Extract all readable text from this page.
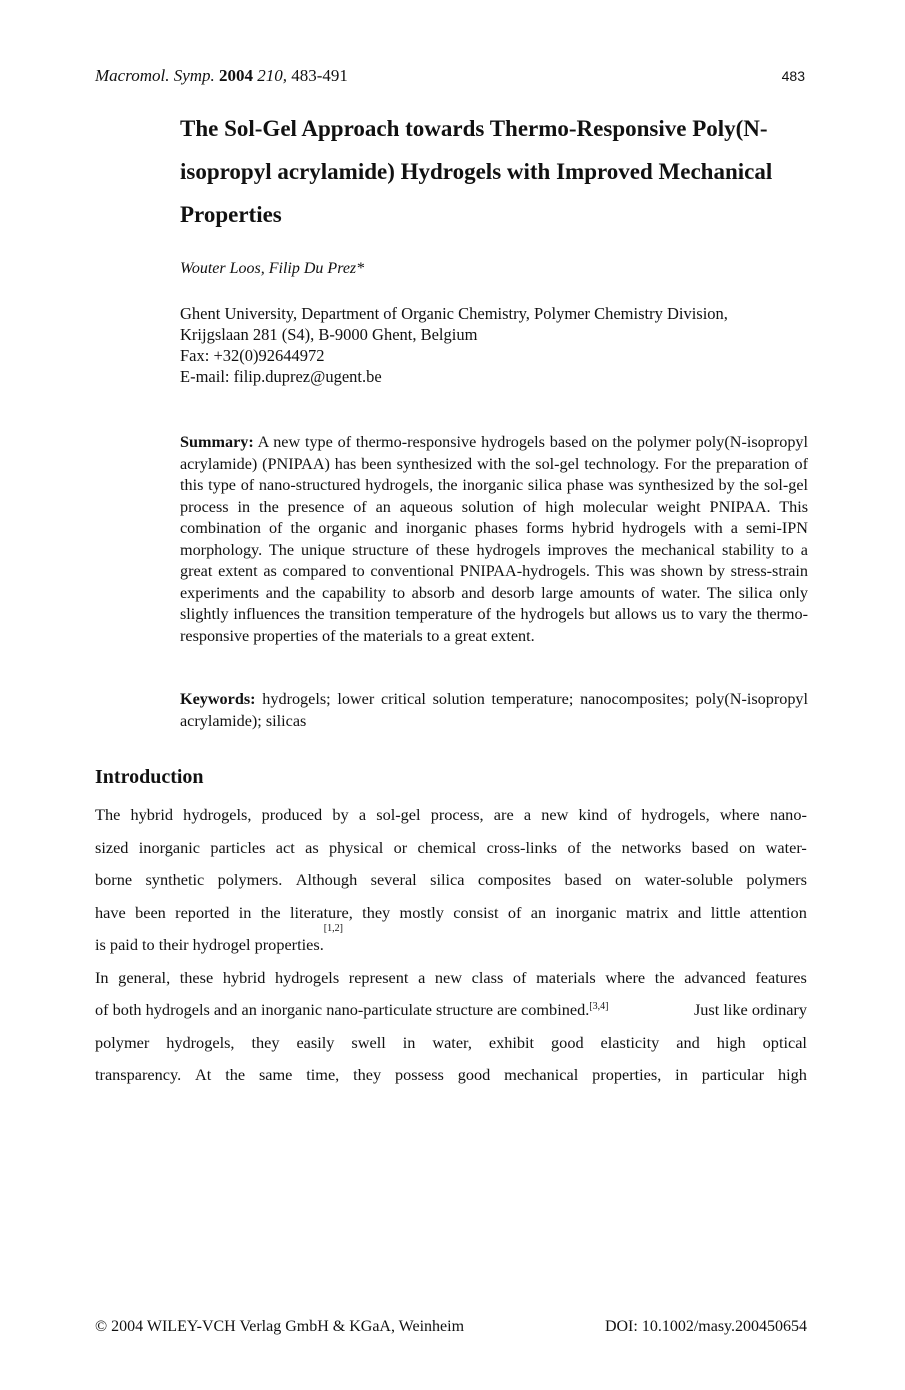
Macromol. Symp. 2004 210, 483-491	483
The Sol-Gel Approach towards Thermo-Responsive Poly(N-
isopropyl acrylamide) Hydrogels with Improved Mechanical
Properties
Wouter Loos, Filip Du Prez*
Ghent University, Department of Organic Chemistry, Polymer Chemistry Division,
Krijgslaan 281 (S4), B-9000 Ghent, Belgium
Fax: +32(0)92644972
E-mail: filip.duprez@ugent.be
Summary: A new type of thermo-responsive hydrogels based on the polymer poly(N-isopropyl acrylamide) (PNIPAA) has been synthesized with the sol-gel technology. For the preparation of this type of nano-structured hydrogels, the inorganic silica phase was synthesized by the sol-gel process in the presence of an aqueous solution of high molecular weight PNIPAA. This combination of the organic and inorganic phases forms hybrid hydrogels with a semi-IPN morphology. The unique structure of these hydrogels improves the mechanical stability to a great extent as compared to conventional PNIPAA-hydrogels. This was shown by stress-strain experiments and the capability to absorb and desorb large amounts of water. The silica only slightly influences the transition temperature of the hydrogels but allows us to vary the thermo-responsive properties of the materials to a great extent.
Keywords: hydrogels; lower critical solution temperature; nanocomposites; poly(N-isopropyl acrylamide); silicas
Introduction
The hybrid hydrogels, produced by a sol-gel process, are a new kind of hydrogels, where nano-
sized inorganic particles act as physical or chemical cross-links of the networks based on water-
borne synthetic polymers. Although several silica composites based on water-soluble polymers
have been reported in the literature, they mostly consist of an inorganic matrix and little attention
is paid to their hydrogel properties.
[1,2]
In general, these hybrid hydrogels represent a new class of materials where the advanced features
of both hydrogels and an inorganic nano-particulate structure are combined.[3,4]	Just like ordinary
polymer hydrogels, they easily swell in water, exhibit good elasticity and high optical
transparency. At the same time, they possess good mechanical properties, in particular high
© 2004 WILEY-VCH Verlag GmbH & KGaA, Weinheim	DOI: 10.1002/masy.200450654
